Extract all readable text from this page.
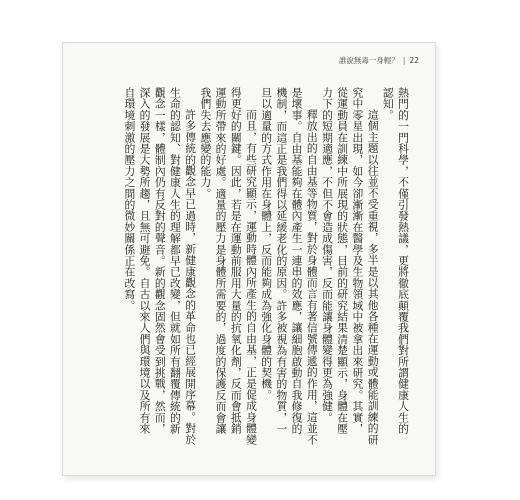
誰說無毒一身輕？ | 22

熱門的一門科學，不僅引發熱議，更將徹底顛覆我們對所謂健康人生的認知。

這個主題以往並不受重視，多半是以其他各種在運動或體能訓練的研究中零星出現，如今卻漸漸在醫學及生物領域中被拿出來研究。其實，從運動員在訓練中所展現的狀態，目前的研究結果清楚顯示，身體在壓力下的短期適應，不但不會造成傷害，反而能讓身體變得更為強健。

釋放出的自由基等物質，對於身體而言有著信號傳遞的作用，這並不是壞事。自由基能夠在體內產生一連串的效應，讓細胞啟動自我修復的機制，而這正是我們得以延緩老化的原因。許多被視為有害的物質，一旦以適量的方式作用在身體上，反而能夠成為強化身體的契機。

而且，有些研究顯示，運動時體內所產生的自由基，正是促成身體變得更好的關鍵。因此，若是在運動前服用大量的抗氧化劑，反而會抵銷運動所帶來的好處。適量的壓力是身體所需要的，過度的保護反而會讓我們失去應變的能力。

許多傳統的觀念早已過時，新健康觀念的革命也已經展開序幕。對於生命的認知、對健康人生的理解都早已改變，但就如所有翻覆傳統的新觀念一樣，體制內仍有反對的聲音。新的觀念固然會受到挑戰，然而，深入的發展是大勢所趨，且無可避免。自古以來人們與環境以及所有來自環境刺激的壓力之間的微妙關係正在改寫。
